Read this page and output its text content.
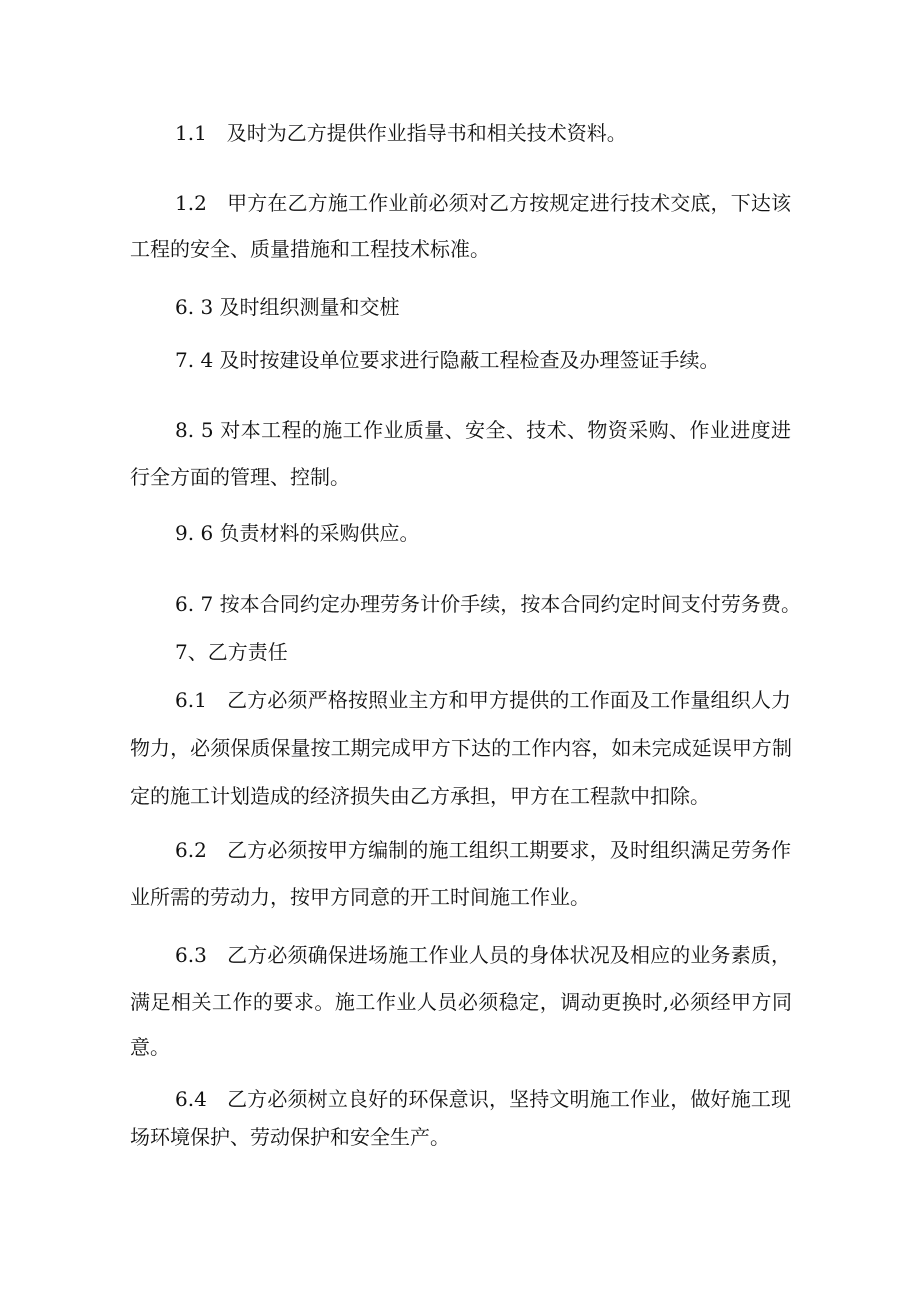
1.1　及时为乙方提供作业指导书和相关技术资料。
1.2　甲方在乙方施工作业前必须对乙方按规定进行技术交底，下达该
工程的安全、质量措施和工程技术标准。
6. 3 及时组织测量和交桩
7. 4 及时按建设单位要求进行隐蔽工程检查及办理签证手续。
8. 5 对本工程的施工作业质量、安全、技术、物资采购、作业进度进
行全方面的管理、控制。
9. 6 负责材料的采购供应。
6. 7 按本合同约定办理劳务计价手续，按本合同约定时间支付劳务费。
7、乙方责任
6.1　乙方必须严格按照业主方和甲方提供的工作面及工作量组织人力
物力，必须保质保量按工期完成甲方下达的工作内容，如未完成延误甲方制
定的施工计划造成的经济损失由乙方承担，甲方在工程款中扣除。
6.2　乙方必须按甲方编制的施工组织工期要求，及时组织满足劳务作
业所需的劳动力，按甲方同意的开工时间施工作业。
6.3　乙方必须确保进场施工作业人员的身体状况及相应的业务素质，
满足相关工作的要求。施工作业人员必须稳定，调动更换时,必须经甲方同
意。
6.4　乙方必须树立良好的环保意识，坚持文明施工作业，做好施工现
场环境保护、劳动保护和安全生产。
